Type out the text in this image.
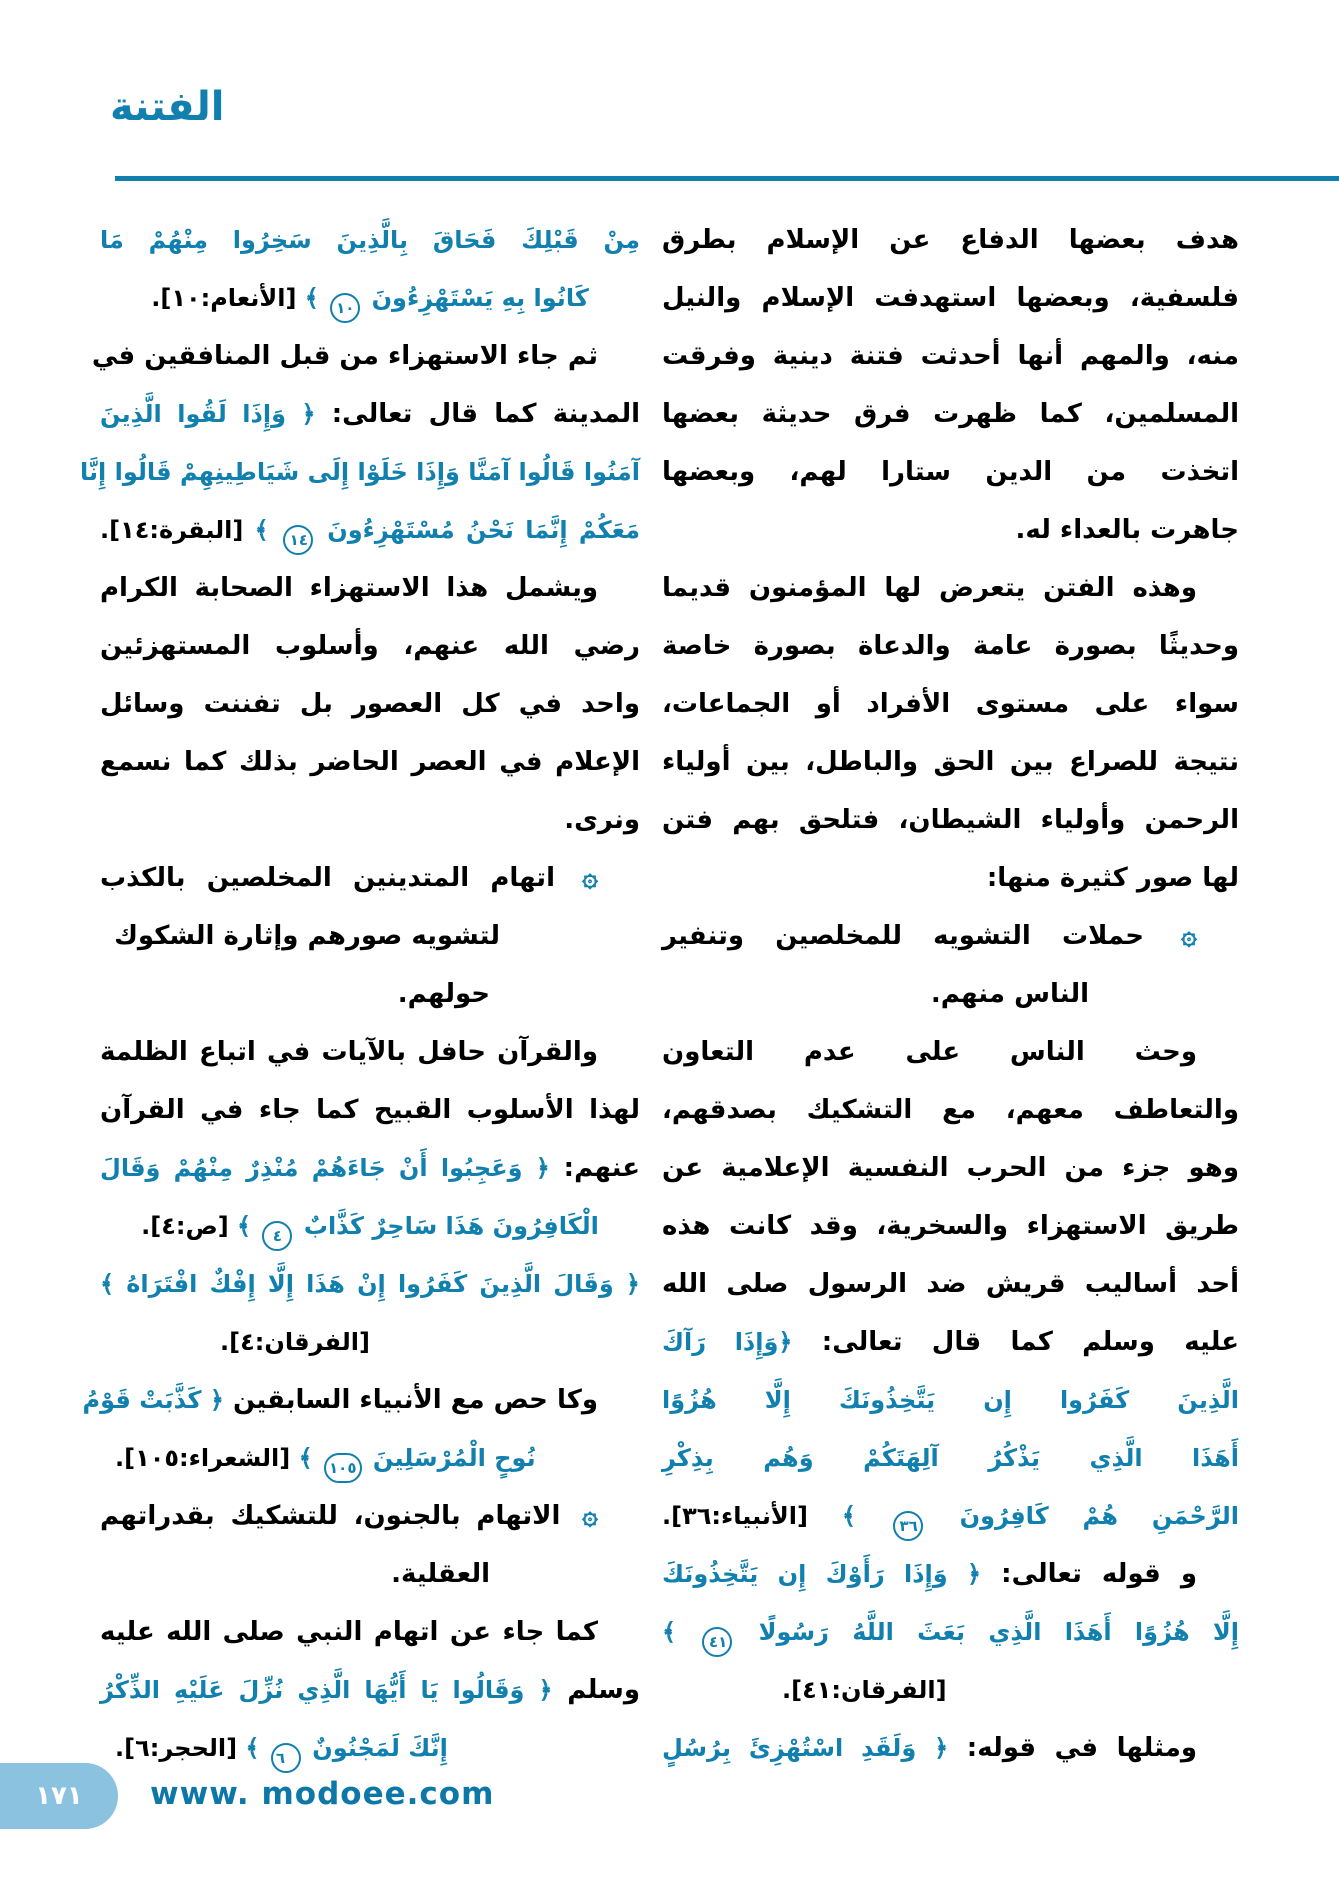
الفتنة
هدف بعضها الدفاع عن الإسلام بطرق
فلسفية، وبعضها استهدفت الإسلام والنيل
منه، والمهم أنها أحدثت فتنة دينية وفرقت
المسلمين، كما ظهرت فرق حديثة بعضها
اتخذت من الدين ستارا لهم، وبعضها
جاهرت بالعداء له.
وهذه الفتن يتعرض لها المؤمنون قديما
وحديثًا بصورة عامة والدعاة بصورة خاصة
سواء على مستوى الأفراد أو الجماعات،
نتيجة للصراع بين الحق والباطل، بين أولياء
الرحمن وأولياء الشيطان، فتلحق بهم فتن
لها صور كثيرة منها:
۞ حملات التشويه للمخلصين وتنفير
الناس منهم.
وحث الناس على عدم التعاون
والتعاطف معهم، مع التشكيك بصدقهم،
وهو جزء من الحرب النفسية الإعلامية عن
طريق الاستهزاء والسخرية، وقد كانت هذه
أحد أساليب قريش ضد الرسول صلى الله
عليه وسلم كما قال تعالى: ﴿وَإِذَا رَآكَ
الَّذِينَ كَفَرُوا إِن يَتَّخِذُونَكَ إِلَّا هُزُوًا
أَهَذَا الَّذِي يَذْكُرُ آلِهَتَكُمْ وَهُم بِذِكْرِ
الرَّحْمَنِ هُمْ كَافِرُونَ ٣٦ ﴾ [الأنبياء:٣٦].
و قوله تعالى: ﴿ وَإِذَا رَأَوْكَ إِن يَتَّخِذُونَكَ
إِلَّا هُزُوًا أَهَذَا الَّذِي بَعَثَ اللَّهُ رَسُولًا ٤١ ﴾
[الفرقان:٤١].
ومثلها في قوله: ﴿ وَلَقَدِ اسْتُهْزِئَ بِرُسُلٍ
مِنْ قَبْلِكَ فَحَاقَ بِالَّذِينَ سَخِرُوا مِنْهُمْ مَا
كَانُوا بِهِ يَسْتَهْزِءُونَ ١٠ ﴾ [الأنعام:١٠].
ثم جاء الاستهزاء من قبل المنافقين في
المدينة كما قال تعالى: ﴿ وَإِذَا لَقُوا الَّذِينَ
آمَنُوا قَالُوا آمَنَّا وَإِذَا خَلَوْا إِلَى شَيَاطِينِهِمْ قَالُوا إِنَّا
مَعَكُمْ إِنَّمَا نَحْنُ مُسْتَهْزِءُونَ ١٤ ﴾ [البقرة:١٤].
ويشمل هذا الاستهزاء الصحابة الكرام
رضي الله عنهم، وأسلوب المستهزئين
واحد في كل العصور بل تفننت وسائل
الإعلام في العصر الحاضر بذلك كما نسمع
ونرى.
۞ اتهام المتدينين المخلصين بالكذب
لتشويه صورهم وإثارة الشكوك
حولهم.
والقرآن حافل بالآيات في اتباع الظلمة
لهذا الأسلوب القبيح كما جاء في القرآن
عنهم: ﴿ وَعَجِبُوا أَنْ جَاءَهُمْ مُنْذِرٌ مِنْهُمْ وَقَالَ
الْكَافِرُونَ هَذَا سَاحِرٌ كَذَّابٌ ٤ ﴾ [ص:٤].
﴿ وَقَالَ الَّذِينَ كَفَرُوا إِنْ هَذَا إِلَّا إِفْكٌ افْتَرَاهُ ﴾
[الفرقان:٤].
وكا حص مع الأنبياء السابقين ﴿ كَذَّبَتْ قَوْمُ
نُوحٍ الْمُرْسَلِينَ ١٠٥ ﴾ [الشعراء:١٠٥].
۞ الاتهام بالجنون، للتشكيك بقدراتهم
العقلية.
كما جاء عن اتهام النبي صلى الله عليه
وسلم ﴿ وَقَالُوا يَا أَيُّهَا الَّذِي نُزِّلَ عَلَيْهِ الذِّكْرُ
إِنَّكَ لَمَجْنُونٌ ٦ ﴾ [الحجر:٦].
١٧١	www. modoee.com
